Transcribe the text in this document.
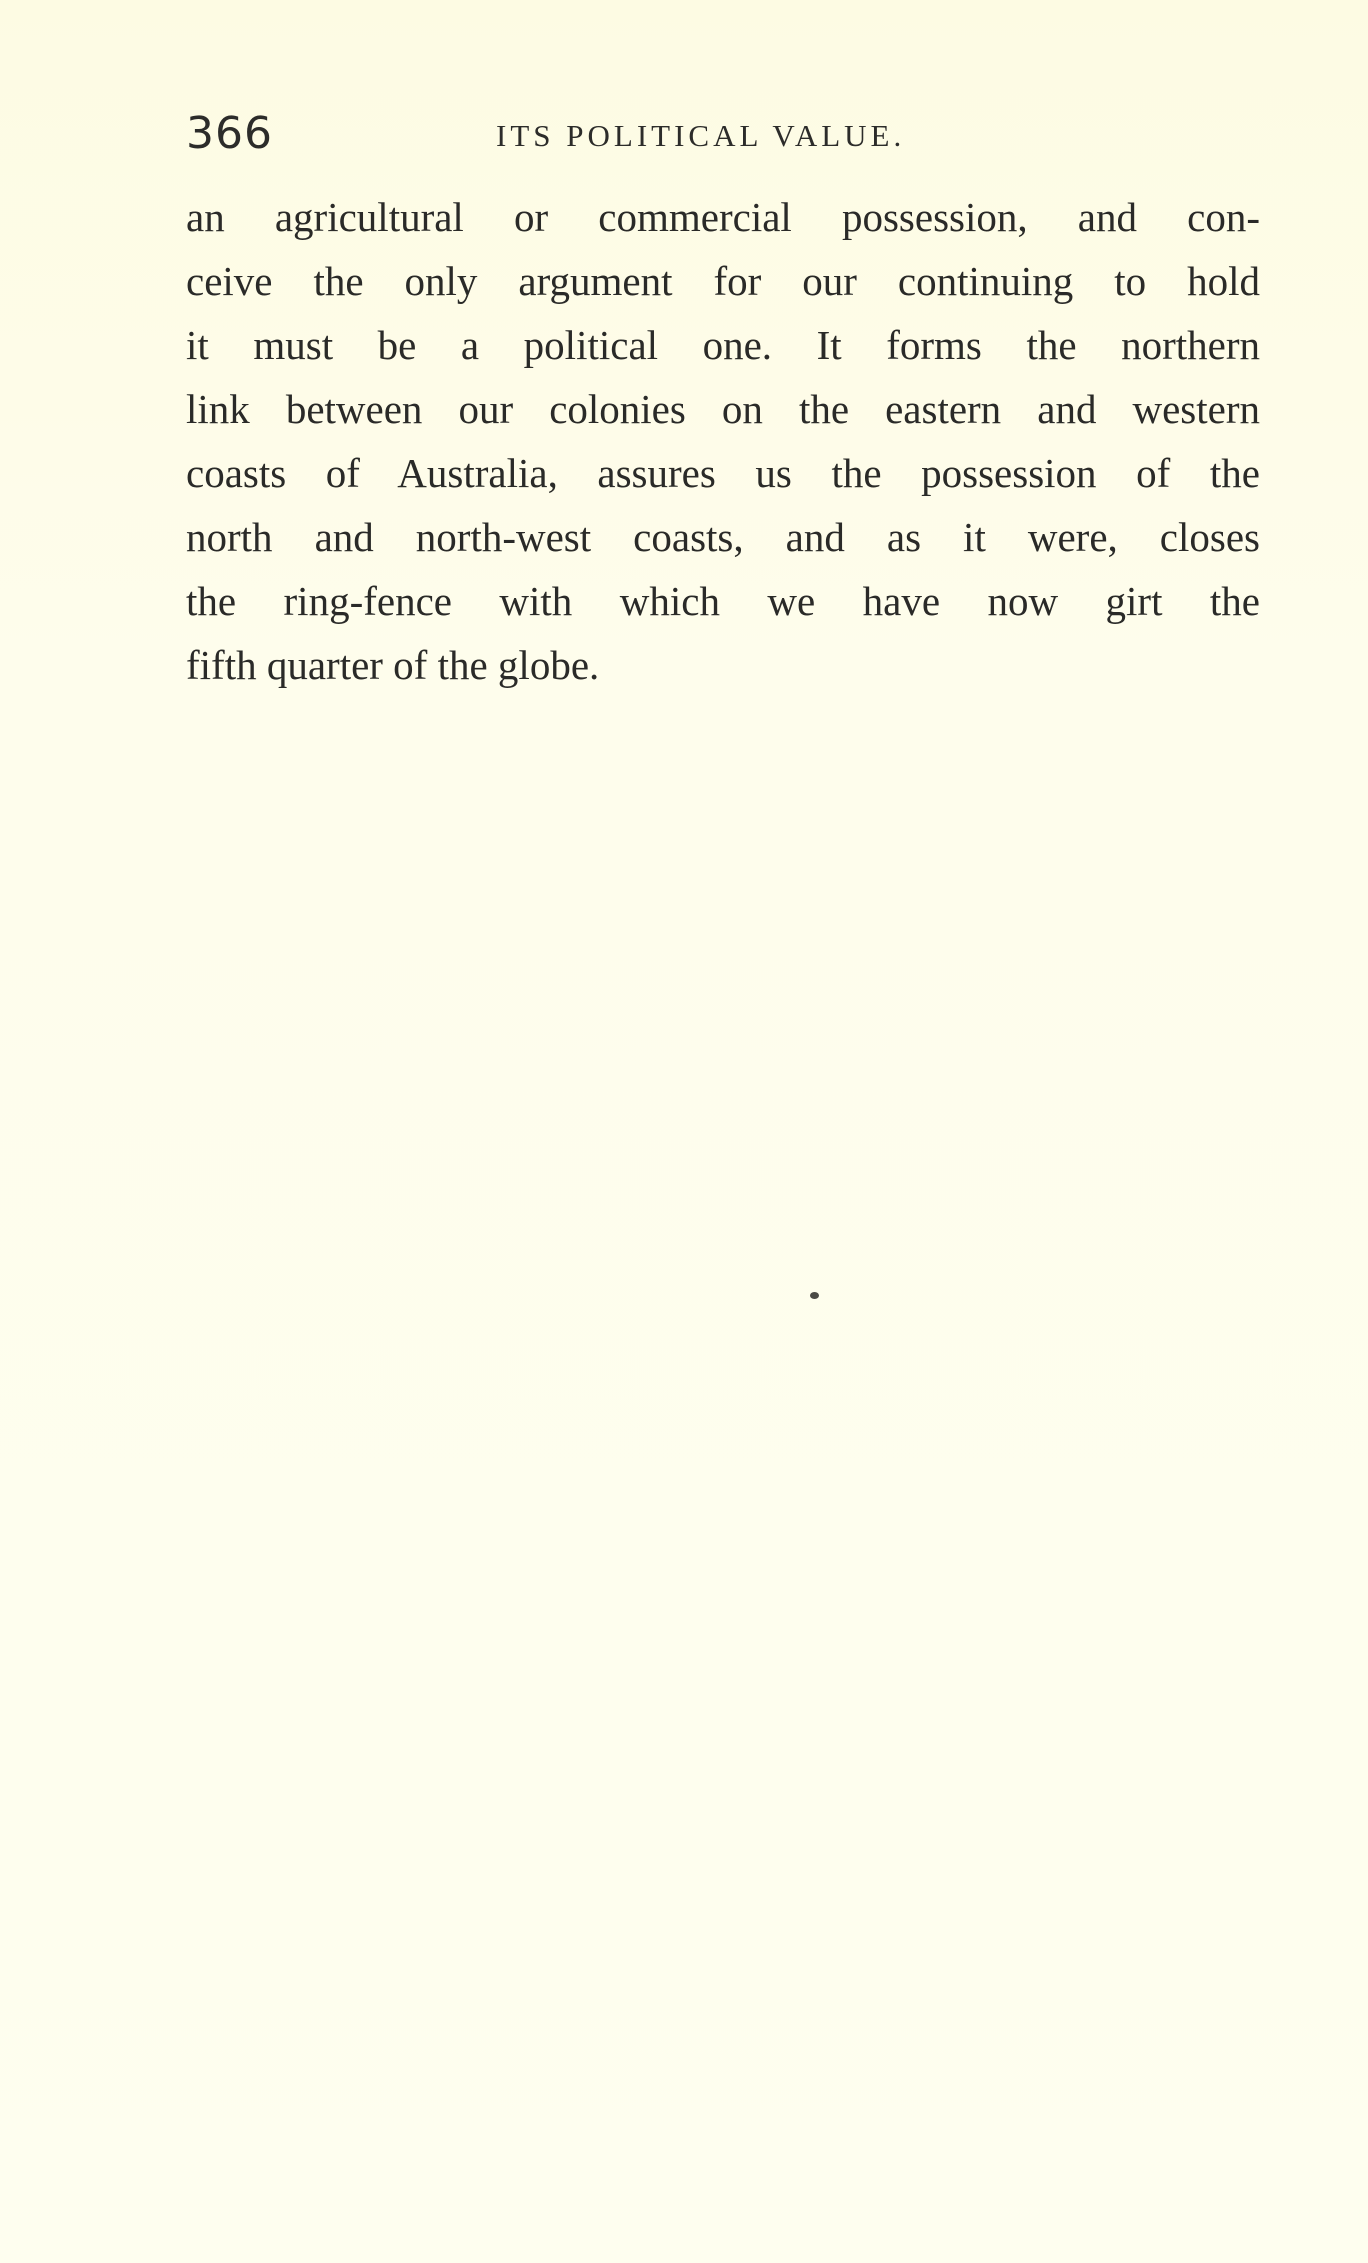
366	ITS POLITICAL VALUE.
an agricultural or commercial possession, and con-
ceive the only argument for our continuing to hold
it must be a political one. It forms the northern
link between our colonies on the eastern and western
coasts of Australia, assures us the possession of the
north and north-west coasts, and as it were, closes
the ring-fence with which we have now girt the
fifth quarter of the globe.
